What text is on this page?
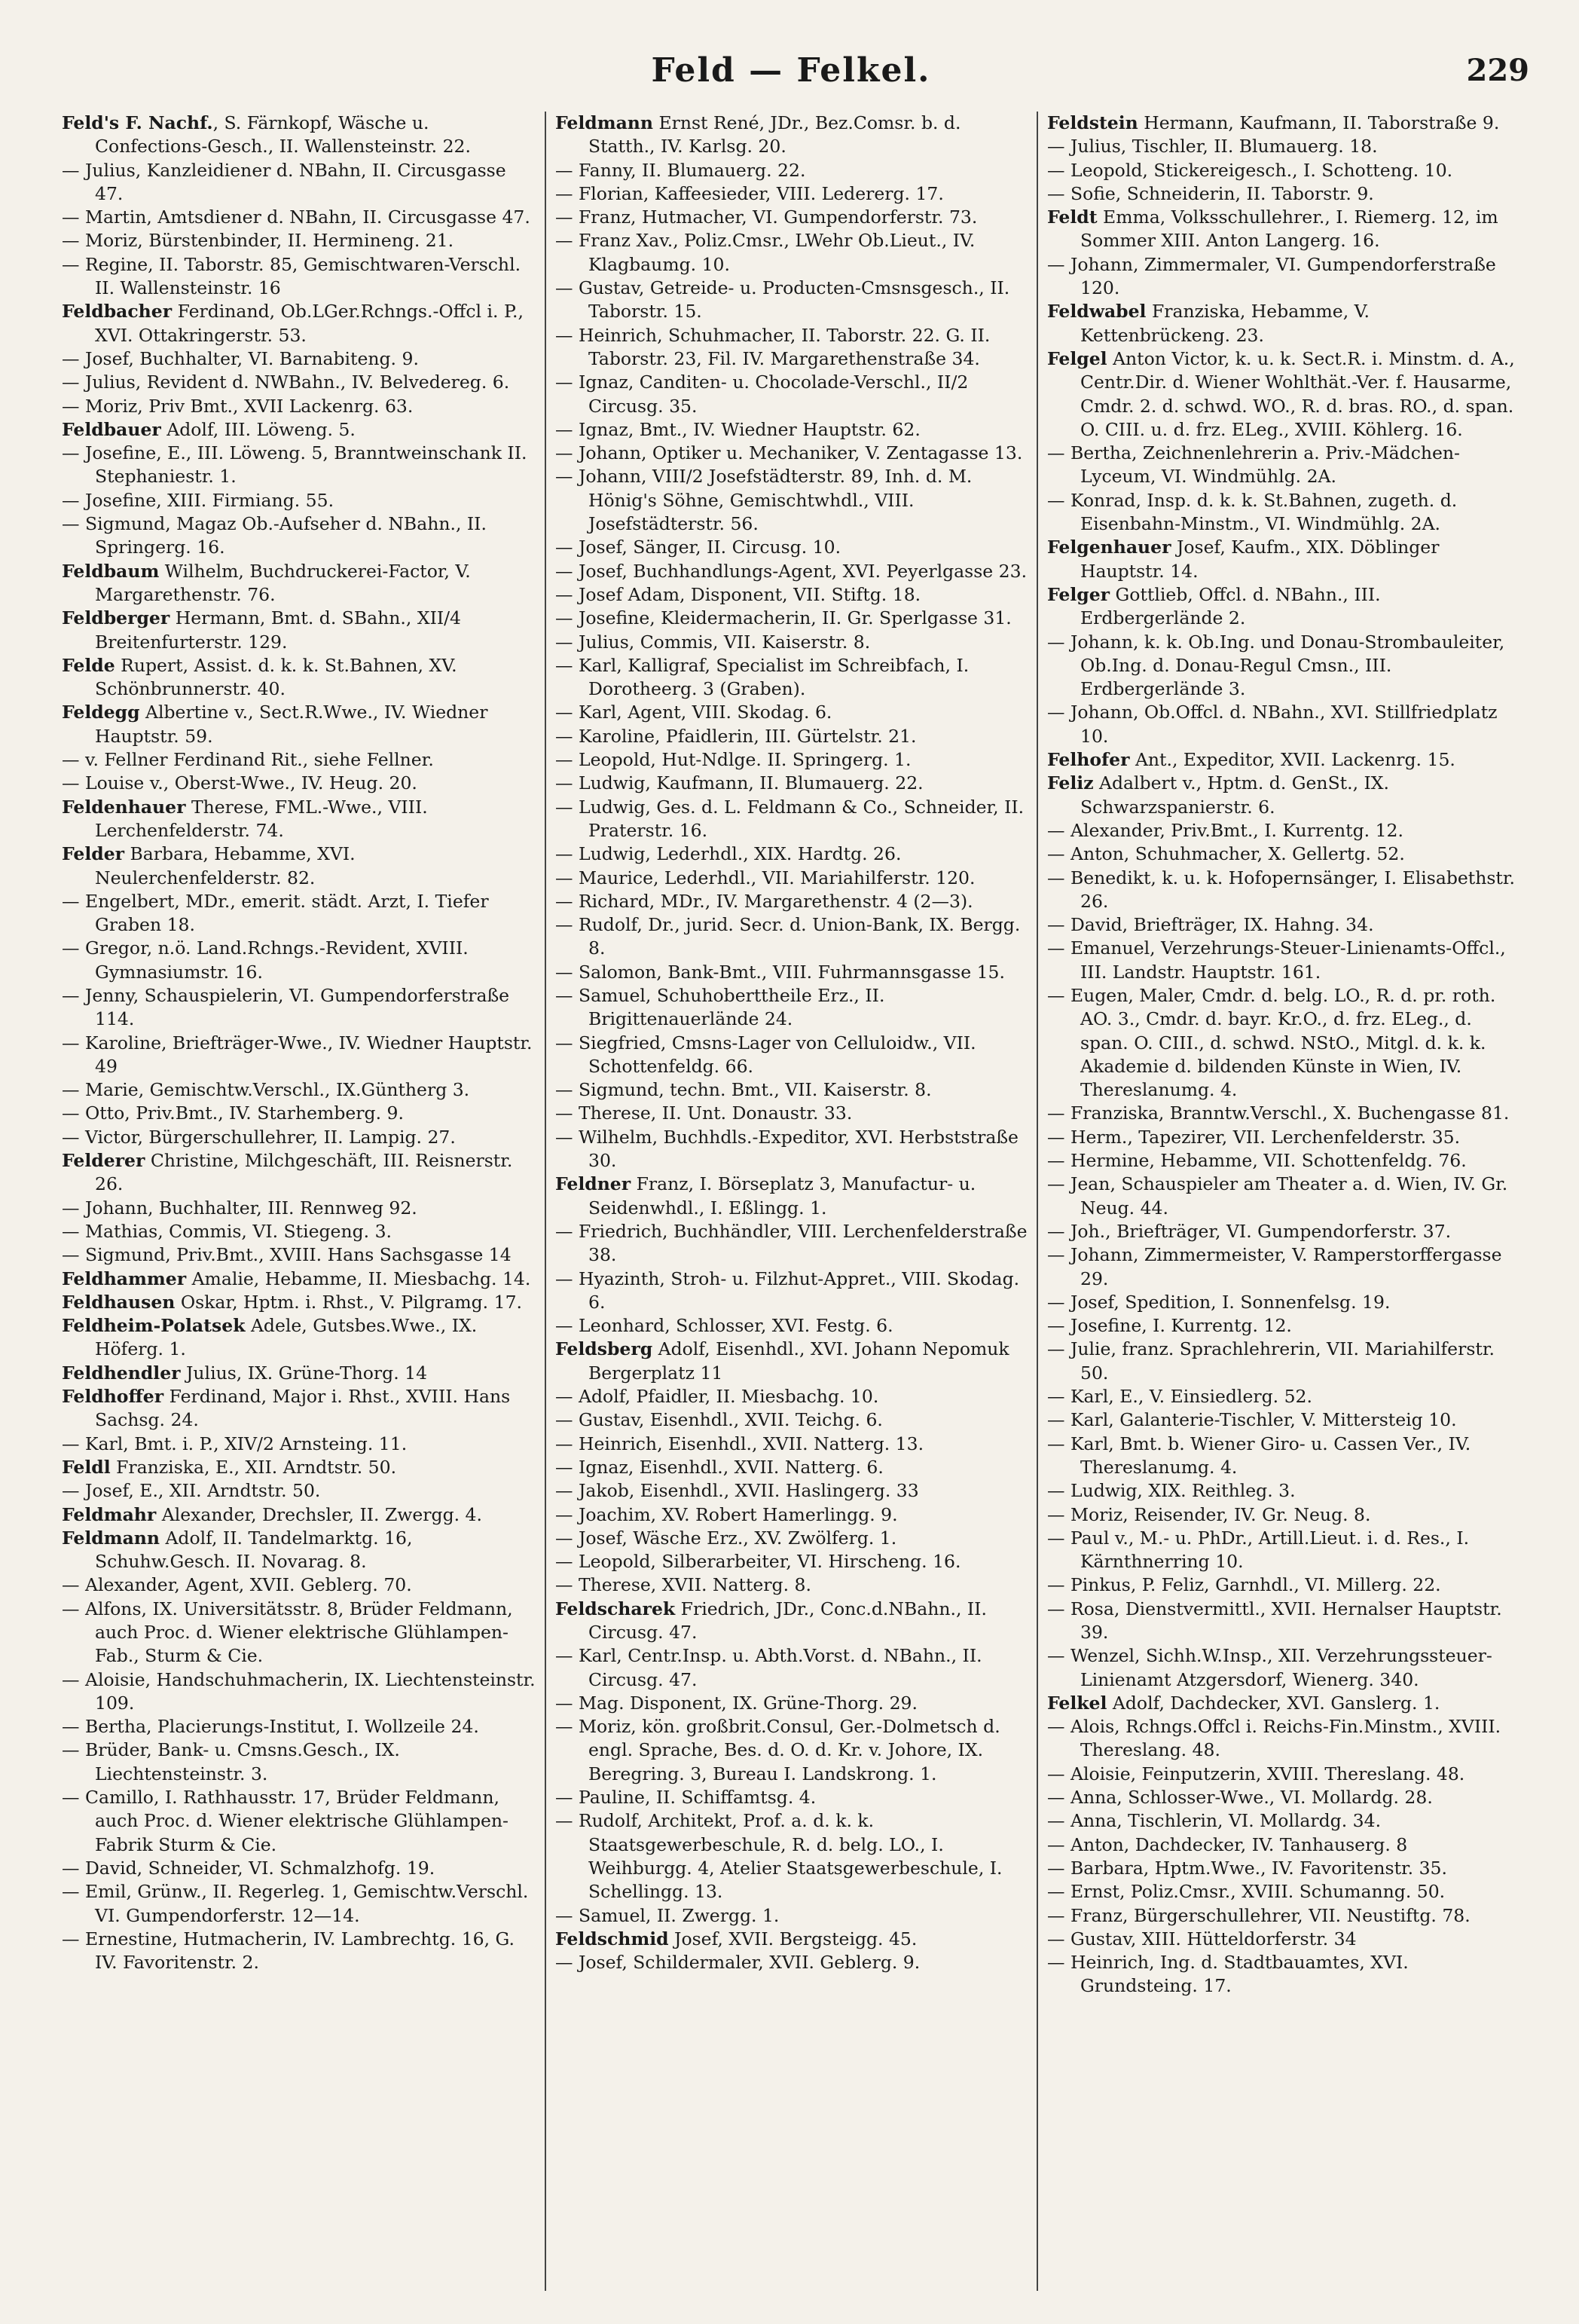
Feld — Felkel.	229

Feld's F. Nachf., S. Färnkopf, Wäsche u. Confections-Gesch., II. Wallensteinstr. 22.

— Julius, Kanzleidiener d. NBahn, II. Circusgasse 47.

— Martin, Amtsdiener d. NBahn, II. Circusgasse 47.

— Moriz, Bürstenbinder, II. Hermineng. 21.

— Regine, II. Taborstr. 85, Gemischtwaren-Verschl. II. Wallensteinstr. 16

Feldbacher Ferdinand, Ob.LGer.Rchngs.-Offcl i. P., XVI. Ottakringerstr. 53.

— Josef, Buchhalter, VI. Barnabiteng. 9.

— Julius, Revident d. NWBahn., IV. Belvedereg. 6.

— Moriz, Priv Bmt., XVII Lackenrg. 63.

Feldbauer Adolf, III. Löweng. 5.

— Josefine, E., III. Löweng. 5, Branntweinschank II. Stephaniestr. 1.

— Josefine, XIII. Firmiang. 55.

— Sigmund, Magaz Ob.-Aufseher d. NBahn., II. Springerg. 16.

Feldbaum Wilhelm, Buchdruckerei-Factor, V. Margarethenstr. 76.

Feldberger Hermann, Bmt. d. SBahn., XII/4 Breitenfurterstr. 129.

Felde Rupert, Assist. d. k. k. St.Bahnen, XV. Schönbrunnerstr. 40.

Feldegg Albertine v., Sect.R.Wwe., IV. Wiedner Hauptstr. 59.

— v. Fellner Ferdinand Rit., siehe Fellner.

— Louise v., Oberst-Wwe., IV. Heug. 20.

Feldenhauer Therese, FML.-Wwe., VIII. Lerchenfelderstr. 74.

Felder Barbara, Hebamme, XVI. Neulerchenfelderstr. 82.

— Engelbert, MDr., emerit. städt. Arzt, I. Tiefer Graben 18.

— Gregor, n.ö. Land.Rchngs.-Revident, XVIII. Gymnasiumstr. 16.

— Jenny, Schauspielerin, VI. Gumpendorferstraße 114.

— Karoline, Briefträger-Wwe., IV. Wiedner Hauptstr. 49

— Marie, Gemischtw.Verschl., IX.Güntherg 3.

— Otto, Priv.Bmt., IV. Starhemberg. 9.

— Victor, Bürgerschullehrer, II. Lampig. 27.

Felderer Christine, Milchgeschäft, III. Reisnerstr. 26.

— Johann, Buchhalter, III. Rennweg 92.

— Mathias, Commis, VI. Stiegeng. 3.

— Sigmund, Priv.Bmt., XVIII. Hans Sachsgasse 14

Feldhammer Amalie, Hebamme, II. Miesbachg. 14.

Feldhausen Oskar, Hptm. i. Rhst., V. Pilgramg. 17.

Feldheim-Polatsek Adele, Gutsbes.Wwe., IX. Höferg. 1.

Feldhendler Julius, IX. Grüne-Thorg. 14

Feldhoffer Ferdinand, Major i. Rhst., XVIII. Hans Sachsg. 24.

— Karl, Bmt. i. P., XIV/2 Arnsteing. 11.

Feldl Franziska, E., XII. Arndtstr. 50.

— Josef, E., XII. Arndtstr. 50.

Feldmahr Alexander, Drechsler, II. Zwergg. 4.

Feldmann Adolf, II. Tandelmarktg. 16, Schuhw.Gesch. II. Novarag. 8.

— Alexander, Agent, XVII. Geblerg. 70.

— Alfons, IX. Universitätsstr. 8, Brüder Feldmann, auch Proc. d. Wiener elektrische Glühlampen-Fab., Sturm & Cie.

— Aloisie, Handschuhmacherin, IX. Liechtensteinstr. 109.

— Bertha, Placierungs-Institut, I. Wollzeile 24.

— Brüder, Bank- u. Cmsns.Gesch., IX. Liechtensteinstr. 3.

— Camillo, I. Rathhausstr. 17, Brüder Feldmann, auch Proc. d. Wiener elektrische Glühlampen-Fabrik Sturm & Cie.

— David, Schneider, VI. Schmalzhofg. 19.

— Emil, Grünw., II. Regerleg. 1, Gemischtw.Verschl. VI. Gumpendorferstr. 12—14.

— Ernestine, Hutmacherin, IV. Lambrechtg. 16, G. IV. Favoritenstr. 2.

Feldmann Ernst René, JDr., Bez.Comsr. b. d. Statth., IV. Karlsg. 20.

— Fanny, II. Blumauerg. 22.

— Florian, Kaffeesieder, VIII. Ledererg. 17.

— Franz, Hutmacher, VI. Gumpendorferstr. 73.

— Franz Xav., Poliz.Cmsr., LWehr Ob.Lieut., IV. Klagbaumg. 10.

— Gustav, Getreide- u. Producten-Cmsnsgesch., II. Taborstr. 15.

— Heinrich, Schuhmacher, II. Taborstr. 22. G. II. Taborstr. 23, Fil. IV. Margarethenstraße 34.

— Ignaz, Canditen- u. Chocolade-Verschl., II/2 Circusg. 35.

— Ignaz, Bmt., IV. Wiedner Hauptstr. 62.

— Johann, Optiker u. Mechaniker, V. Zentagasse 13.

— Johann, VIII/2 Josefstädterstr. 89, Inh. d. M. Hönig's Söhne, Gemischtwhdl., VIII. Josefstädterstr. 56.

— Josef, Sänger, II. Circusg. 10.

— Josef, Buchhandlungs-Agent, XVI. Peyerlgasse 23.

— Josef Adam, Disponent, VII. Stiftg. 18.

— Josefine, Kleidermacherin, II. Gr. Sperlgasse 31.

— Julius, Commis, VII. Kaiserstr. 8.

— Karl, Kalligraf, Specialist im Schreibfach, I. Dorotheerg. 3 (Graben).

— Karl, Agent, VIII. Skodag. 6.

— Karoline, Pfaidlerin, III. Gürtelstr. 21.

— Leopold, Hut-Ndlge. II. Springerg. 1.

— Ludwig, Kaufmann, II. Blumauerg. 22.

— Ludwig, Ges. d. L. Feldmann & Co., Schneider, II. Praterstr. 16.

— Ludwig, Lederhdl., XIX. Hardtg. 26.

— Maurice, Lederhdl., VII. Mariahilferstr. 120.

— Richard, MDr., IV. Margarethenstr. 4 (2—3).

— Rudolf, Dr., jurid. Secr. d. Union-Bank, IX. Bergg. 8.

— Salomon, Bank-Bmt., VIII. Fuhrmannsgasse 15.

— Samuel, Schuhoberttheile Erz., II. Brigittenauerlände 24.

— Siegfried, Cmsns-Lager von Celluloidw., VII. Schottenfeldg. 66.

— Sigmund, techn. Bmt., VII. Kaiserstr. 8.

— Therese, II. Unt. Donaustr. 33.

— Wilhelm, Buchhdls.-Expeditor, XVI. Herbststraße 30.

Feldner Franz, I. Börseplatz 3, Manufactur- u. Seidenwhdl., I. Eßlingg. 1.

— Friedrich, Buchhändler, VIII. Lerchenfelderstraße 38.

— Hyazinth, Stroh- u. Filzhut-Appret., VIII. Skodag. 6.

— Leonhard, Schlosser, XVI. Festg. 6.

Feldsberg Adolf, Eisenhdl., XVI. Johann Nepomuk Bergerplatz 11

— Adolf, Pfaidler, II. Miesbachg. 10.

— Gustav, Eisenhdl., XVII. Teichg. 6.

— Heinrich, Eisenhdl., XVII. Natterg. 13.

— Ignaz, Eisenhdl., XVII. Natterg. 6.

— Jakob, Eisenhdl., XVII. Haslingerg. 33

— Joachim, XV. Robert Hamerlingg. 9.

— Josef, Wäsche Erz., XV. Zwölferg. 1.

— Leopold, Silberarbeiter, VI. Hirscheng. 16.

— Therese, XVII. Natterg. 8.

Feldscharek Friedrich, JDr., Conc.d.NBahn., II. Circusg. 47.

— Karl, Centr.Insp. u. Abth.Vorst. d. NBahn., II. Circusg. 47.

— Mag. Disponent, IX. Grüne-Thorg. 29.

— Moriz, kön. großbrit.Consul, Ger.-Dolmetsch d. engl. Sprache, Bes. d. O. d. Kr. v. Johore, IX. Beregring. 3, Bureau I. Landskrong. 1.

— Pauline, II. Schiffamtsg. 4.

— Rudolf, Architekt, Prof. a. d. k. k. Staatsgewerbeschule, R. d. belg. LO., I. Weihburgg. 4, Atelier Staatsgewerbeschule, I. Schellingg. 13.

— Samuel, II. Zwergg. 1.

Feldschmid Josef, XVII. Bergsteigg. 45.

— Josef, Schildermaler, XVII. Geblerg. 9.

Feldstein Hermann, Kaufmann, II. Taborstraße 9.

— Julius, Tischler, II. Blumauerg. 18.

— Leopold, Stickereigesch., I. Schotteng. 10.

— Sofie, Schneiderin, II. Taborstr. 9.

Feldt Emma, Volksschullehrer., I. Riemerg. 12, im Sommer XIII. Anton Langerg. 16.

— Johann, Zimmermaler, VI. Gumpendorferstraße 120.

Feldwabel Franziska, Hebamme, V. Kettenbrückeng. 23.

Felgel Anton Victor, k. u. k. Sect.R. i. Minstm. d. A., Centr.Dir. d. Wiener Wohlthät.-Ver. f. Hausarme, Cmdr. 2. d. schwd. WO., R. d. bras. RO., d. span. O. CIII. u. d. frz. ELeg., XVIII. Köhlerg. 16.

— Bertha, Zeichnenlehrerin a. Priv.-Mädchen-Lyceum, VI. Windmühlg. 2A.

— Konrad, Insp. d. k. k. St.Bahnen, zugeth. d. Eisenbahn-Minstm., VI. Windmühlg. 2A.

Felgenhauer Josef, Kaufm., XIX. Döblinger Hauptstr. 14.

Felger Gottlieb, Offcl. d. NBahn., III. Erdbergerlände 2.

— Johann, k. k. Ob.Ing. und Donau-Strombauleiter, Ob.Ing. d. Donau-Regul Cmsn., III. Erdbergerlände 3.

— Johann, Ob.Offcl. d. NBahn., XVI. Stillfriedplatz 10.

Felhofer Ant., Expeditor, XVII. Lackenrg. 15.

Feliz Adalbert v., Hptm. d. GenSt., IX. Schwarzspanierstr. 6.

— Alexander, Priv.Bmt., I. Kurrentg. 12.

— Anton, Schuhmacher, X. Gellertg. 52.

— Benedikt, k. u. k. Hofopernsänger, I. Elisabethstr. 26.

— David, Briefträger, IX. Hahng. 34.

— Emanuel, Verzehrungs-Steuer-Linienamts-Offcl., III. Landstr. Hauptstr. 161.

— Eugen, Maler, Cmdr. d. belg. LO., R. d. pr. roth. AO. 3., Cmdr. d. bayr. Kr.O., d. frz. ELeg., d. span. O. CIII., d. schwd. NStO., Mitgl. d. k. k. Akademie d. bildenden Künste in Wien, IV. Thereslanumg. 4.

— Franziska, Branntw.Verschl., X. Buchengasse 81.

— Herm., Tapezirer, VII. Lerchenfelderstr. 35.

— Hermine, Hebamme, VII. Schottenfeldg. 76.

— Jean, Schauspieler am Theater a. d. Wien, IV. Gr. Neug. 44.

— Joh., Briefträger, VI. Gumpendorferstr. 37.

— Johann, Zimmermeister, V. Ramperstorffergasse 29.

— Josef, Spedition, I. Sonnenfelsg. 19.

— Josefine, I. Kurrentg. 12.

— Julie, franz. Sprachlehrerin, VII. Mariahilferstr. 50.

— Karl, E., V. Einsiedlerg. 52.

— Karl, Galanterie-Tischler, V. Mittersteig 10.

— Karl, Bmt. b. Wiener Giro- u. Cassen Ver., IV. Thereslanumg. 4.

— Ludwig, XIX. Reithleg. 3.

— Moriz, Reisender, IV. Gr. Neug. 8.

— Paul v., M.- u. PhDr., Artill.Lieut. i. d. Res., I. Kärnthnerring 10.

— Pinkus, P. Feliz, Garnhdl., VI. Millerg. 22.

— Rosa, Dienstvermittl., XVII. Hernalser Hauptstr. 39.

— Wenzel, Sichh.W.Insp., XII. Verzehrungssteuer-Linienamt Atzgersdorf, Wienerg. 340.

Felkel Adolf, Dachdecker, XVI. Ganslerg. 1.

— Alois, Rchngs.Offcl i. Reichs-Fin.Minstm., XVIII. Thereslang. 48.

— Aloisie, Feinputzerin, XVIII. Thereslang. 48.

— Anna, Schlosser-Wwe., VI. Mollardg. 28.

— Anna, Tischlerin, VI. Mollardg. 34.

— Anton, Dachdecker, IV. Tanhauserg. 8

— Barbara, Hptm.Wwe., IV. Favoritenstr. 35.

— Ernst, Poliz.Cmsr., XVIII. Schumanng. 50.

— Franz, Bürgerschullehrer, VII. Neustiftg. 78.

— Gustav, XIII. Hütteldorferstr. 34

— Heinrich, Ing. d. Stadtbauamtes, XVI. Grundsteing. 17.
